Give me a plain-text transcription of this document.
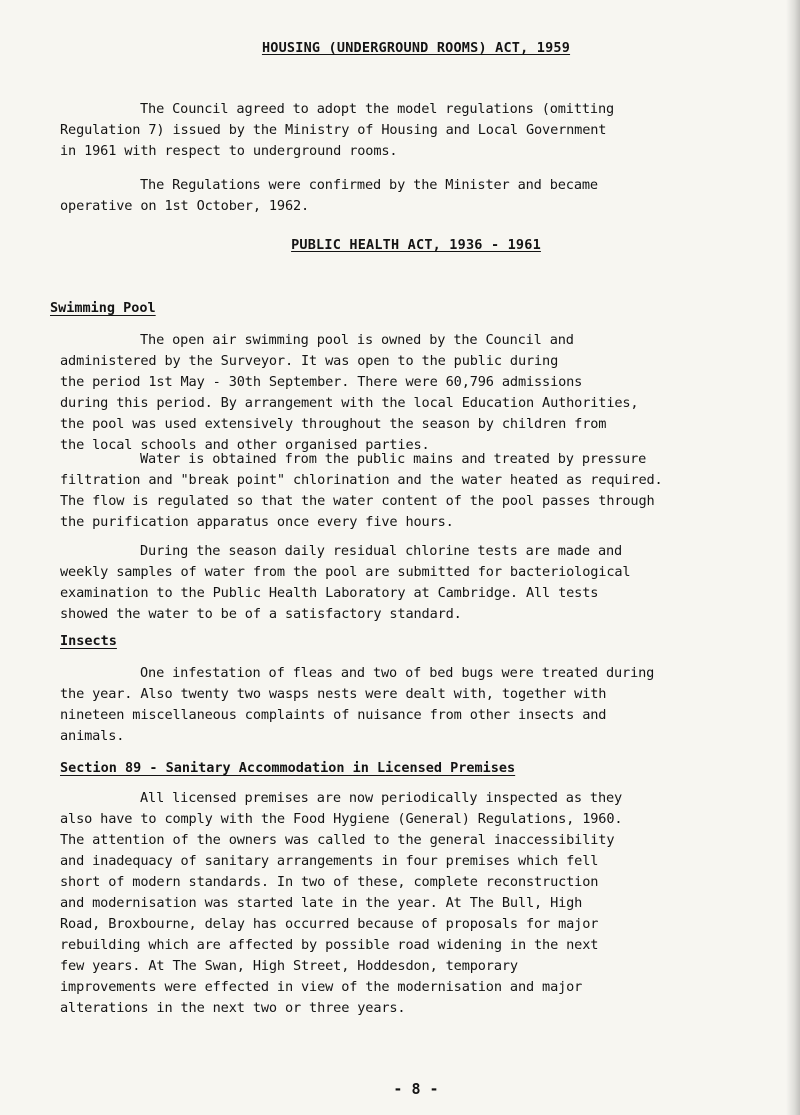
HOUSING (UNDERGROUND ROOMS) ACT, 1959

The Council agreed to adopt the model regulations (omitting
Regulation 7) issued by the Ministry of Housing and Local Government
in 1961 with respect to underground rooms.

The Regulations were confirmed by the Minister and became
operative on 1st October, 1962.

PUBLIC HEALTH ACT, 1936 - 1961
Swimming Pool

The open air swimming pool is owned by the Council and
administered by the Surveyor. It was open to the public during
the period 1st May - 30th September. There were 60,796 admissions
during this period. By arrangement with the local Education Authorities,
the pool was used extensively throughout the season by children from
the local schools and other organised parties.

Water is obtained from the public mains and treated by pressure
filtration and "break point" chlorination and the water heated as required.
The flow is regulated so that the water content of the pool passes through
the purification apparatus once every five hours.

During the season daily residual chlorine tests are made and
weekly samples of water from the pool are submitted for bacteriological
examination to the Public Health Laboratory at Cambridge. All tests
showed the water to be of a satisfactory standard.

Insects

One infestation of fleas and two of bed bugs were treated during
the year. Also twenty two wasps nests were dealt with, together with
nineteen miscellaneous complaints of nuisance from other insects and
animals.

Section 89 - Sanitary Accommodation in Licensed Premises

All licensed premises are now periodically inspected as they
also have to comply with the Food Hygiene (General) Regulations, 1960.
The attention of the owners was called to the general inaccessibility
and inadequacy of sanitary arrangements in four premises which fell
short of modern standards. In two of these, complete reconstruction
and modernisation was started late in the year. At The Bull, High
Road, Broxbourne, delay has occurred because of proposals for major
rebuilding which are affected by possible road widening in the next
few years. At The Swan, High Street, Hoddesdon, temporary
improvements were effected in view of the modernisation and major
alterations in the next two or three years.

- 8 -
